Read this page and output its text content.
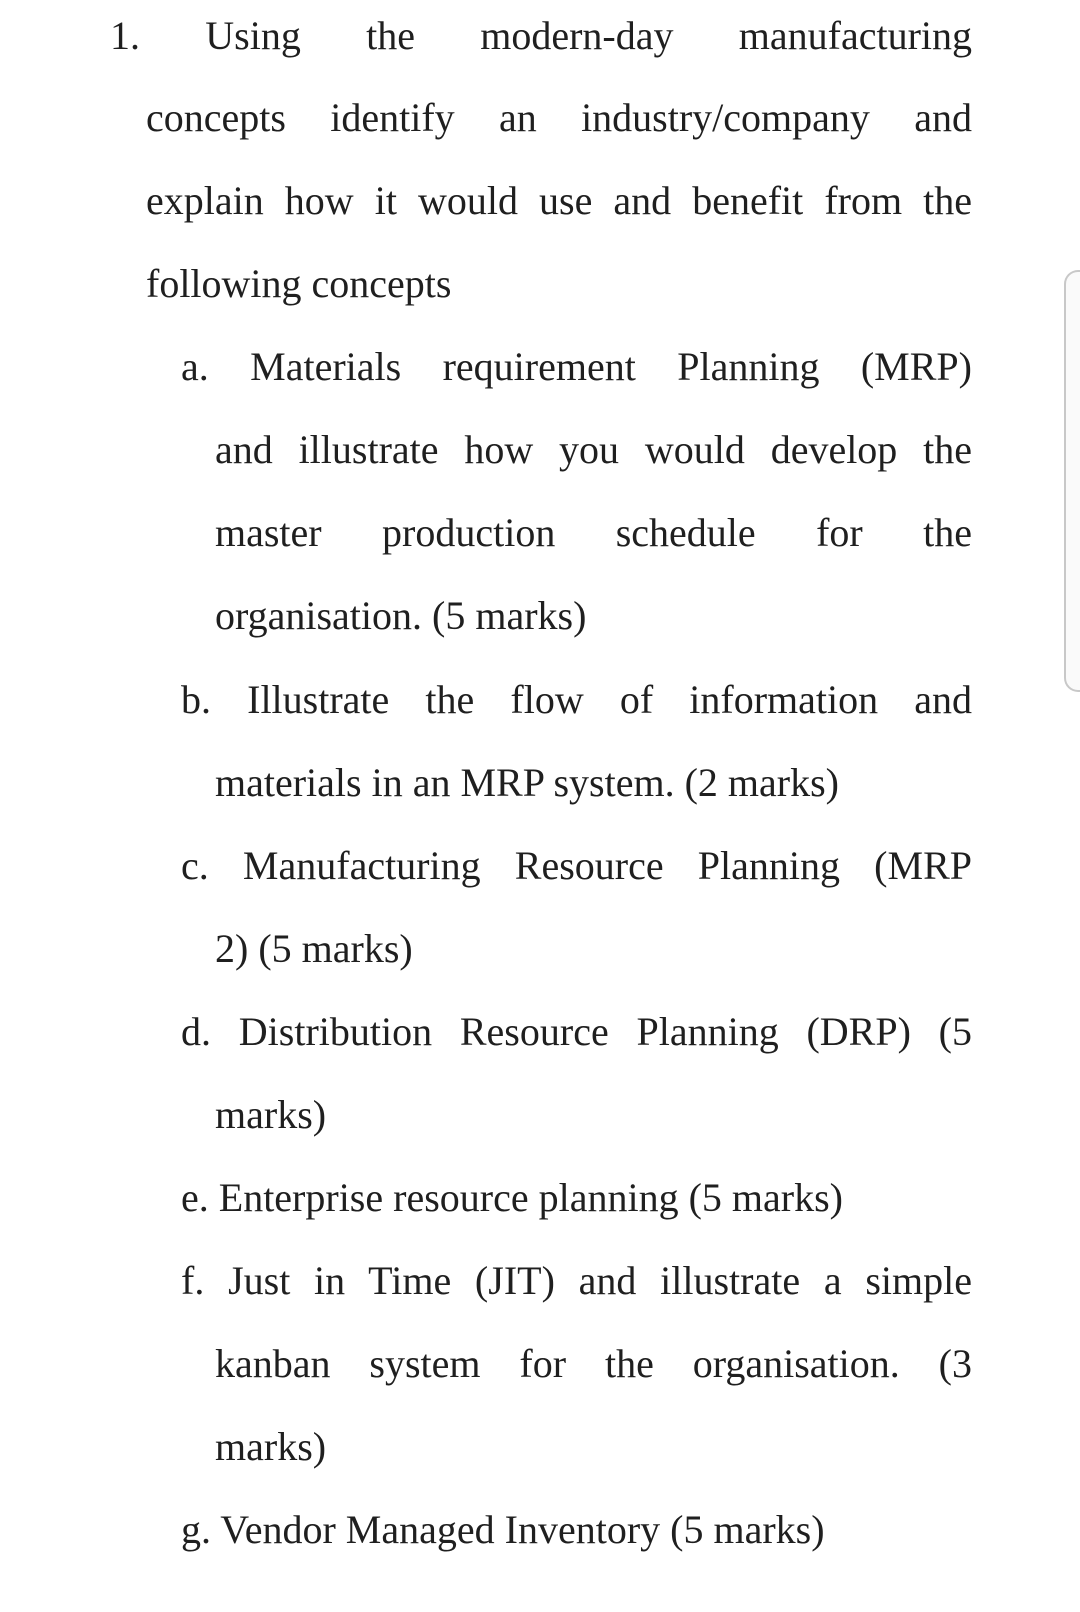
1. Using the modern-day manufacturing
concepts identify an industry/company and
explain how it would use and benefit from the
following concepts
a. Materials requirement Planning (MRP)
and illustrate how you would develop the
master production schedule for the
organisation. (5 marks)
b. Illustrate the flow of information and
materials in an MRP system. (2 marks)
c. Manufacturing Resource Planning (MRP
2) (5 marks)
d. Distribution Resource Planning (DRP) (5
marks)
e. Enterprise resource planning (5 marks)
f. Just in Time (JIT) and illustrate a simple
kanban system for the organisation. (3
marks)
g. Vendor Managed Inventory (5 marks)
